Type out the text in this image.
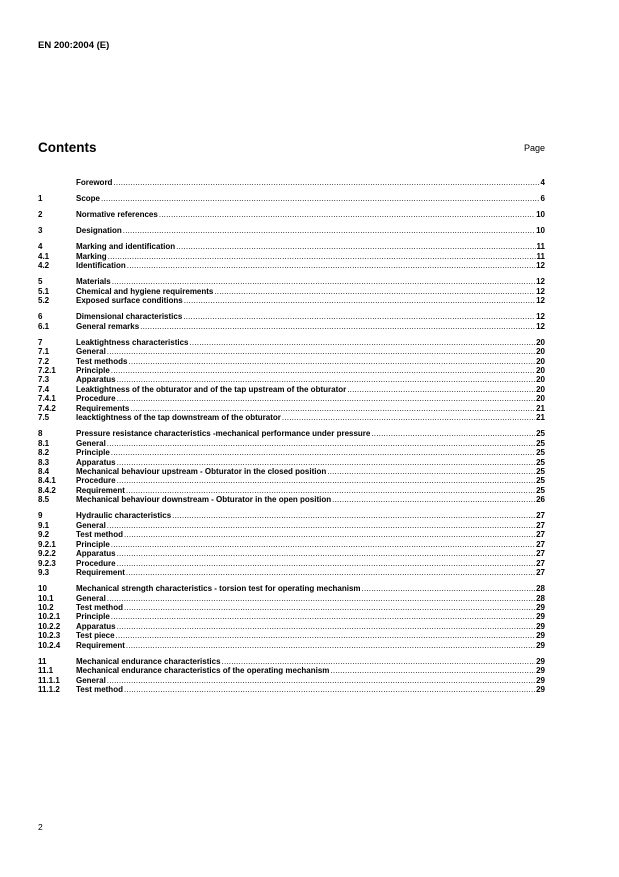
EN 200:2004 (E)
Contents	Page
Foreword .....	4
1	Scope .....	6
2	Normative references .....	10
3	Designation .....	10
4	Marking and identification .....	11
4.1	Marking .....	11
4.2	Identification .....	12
5	Materials .....	12
5.1	Chemical and hygiene requirements .....	12
5.2	Exposed surface conditions .....	12
6	Dimensional characteristics .....	12
6.1	General remarks .....	12
7	Leaktightness characteristics .....	20
7.1	General .....	20
7.2	Test methods .....	20
7.2.1	Principle .....	20
7.3	Apparatus .....	20
7.4	Leaktightness of the obturator and of the tap upstream of the obturator .....	20
7.4.1	Procedure .....	20
7.4.2	Requirements .....	21
7.5	leacktightness of the tap downstream of the obturator .....	21
8	Pressure resistance characteristics -mechanical performance under pressure .....	25
8.1	General .....	25
8.2	Principle .....	25
8.3	Apparatus .....	25
8.4	Mechanical behaviour upstream - Obturator in the closed position .....	25
8.4.1	Procedure .....	25
8.4.2	Requirement .....	25
8.5	Mechanical behaviour downstream - Obturator in the open position .....	26
9	Hydraulic characteristics .....	27
9.1	General .....	27
9.2	Test method .....	27
9.2.1	Principle .....	27
9.2.2	Apparatus .....	27
9.2.3	Procedure .....	27
9.3	Requirement .....	27
10	Mechanical strength characteristics - torsion test for operating mechanism .....	28
10.1	General .....	28
10.2	Test method .....	29
10.2.1	Principle .....	29
10.2.2	Apparatus .....	29
10.2.3	Test piece .....	29
10.2.4	Requirement .....	29
11	Mechanical endurance characteristics .....	29
11.1	Mechanical endurance characteristics of the operating mechanism .....	29
11.1.1	General .....	29
11.1.2	Test method .....	29
2
